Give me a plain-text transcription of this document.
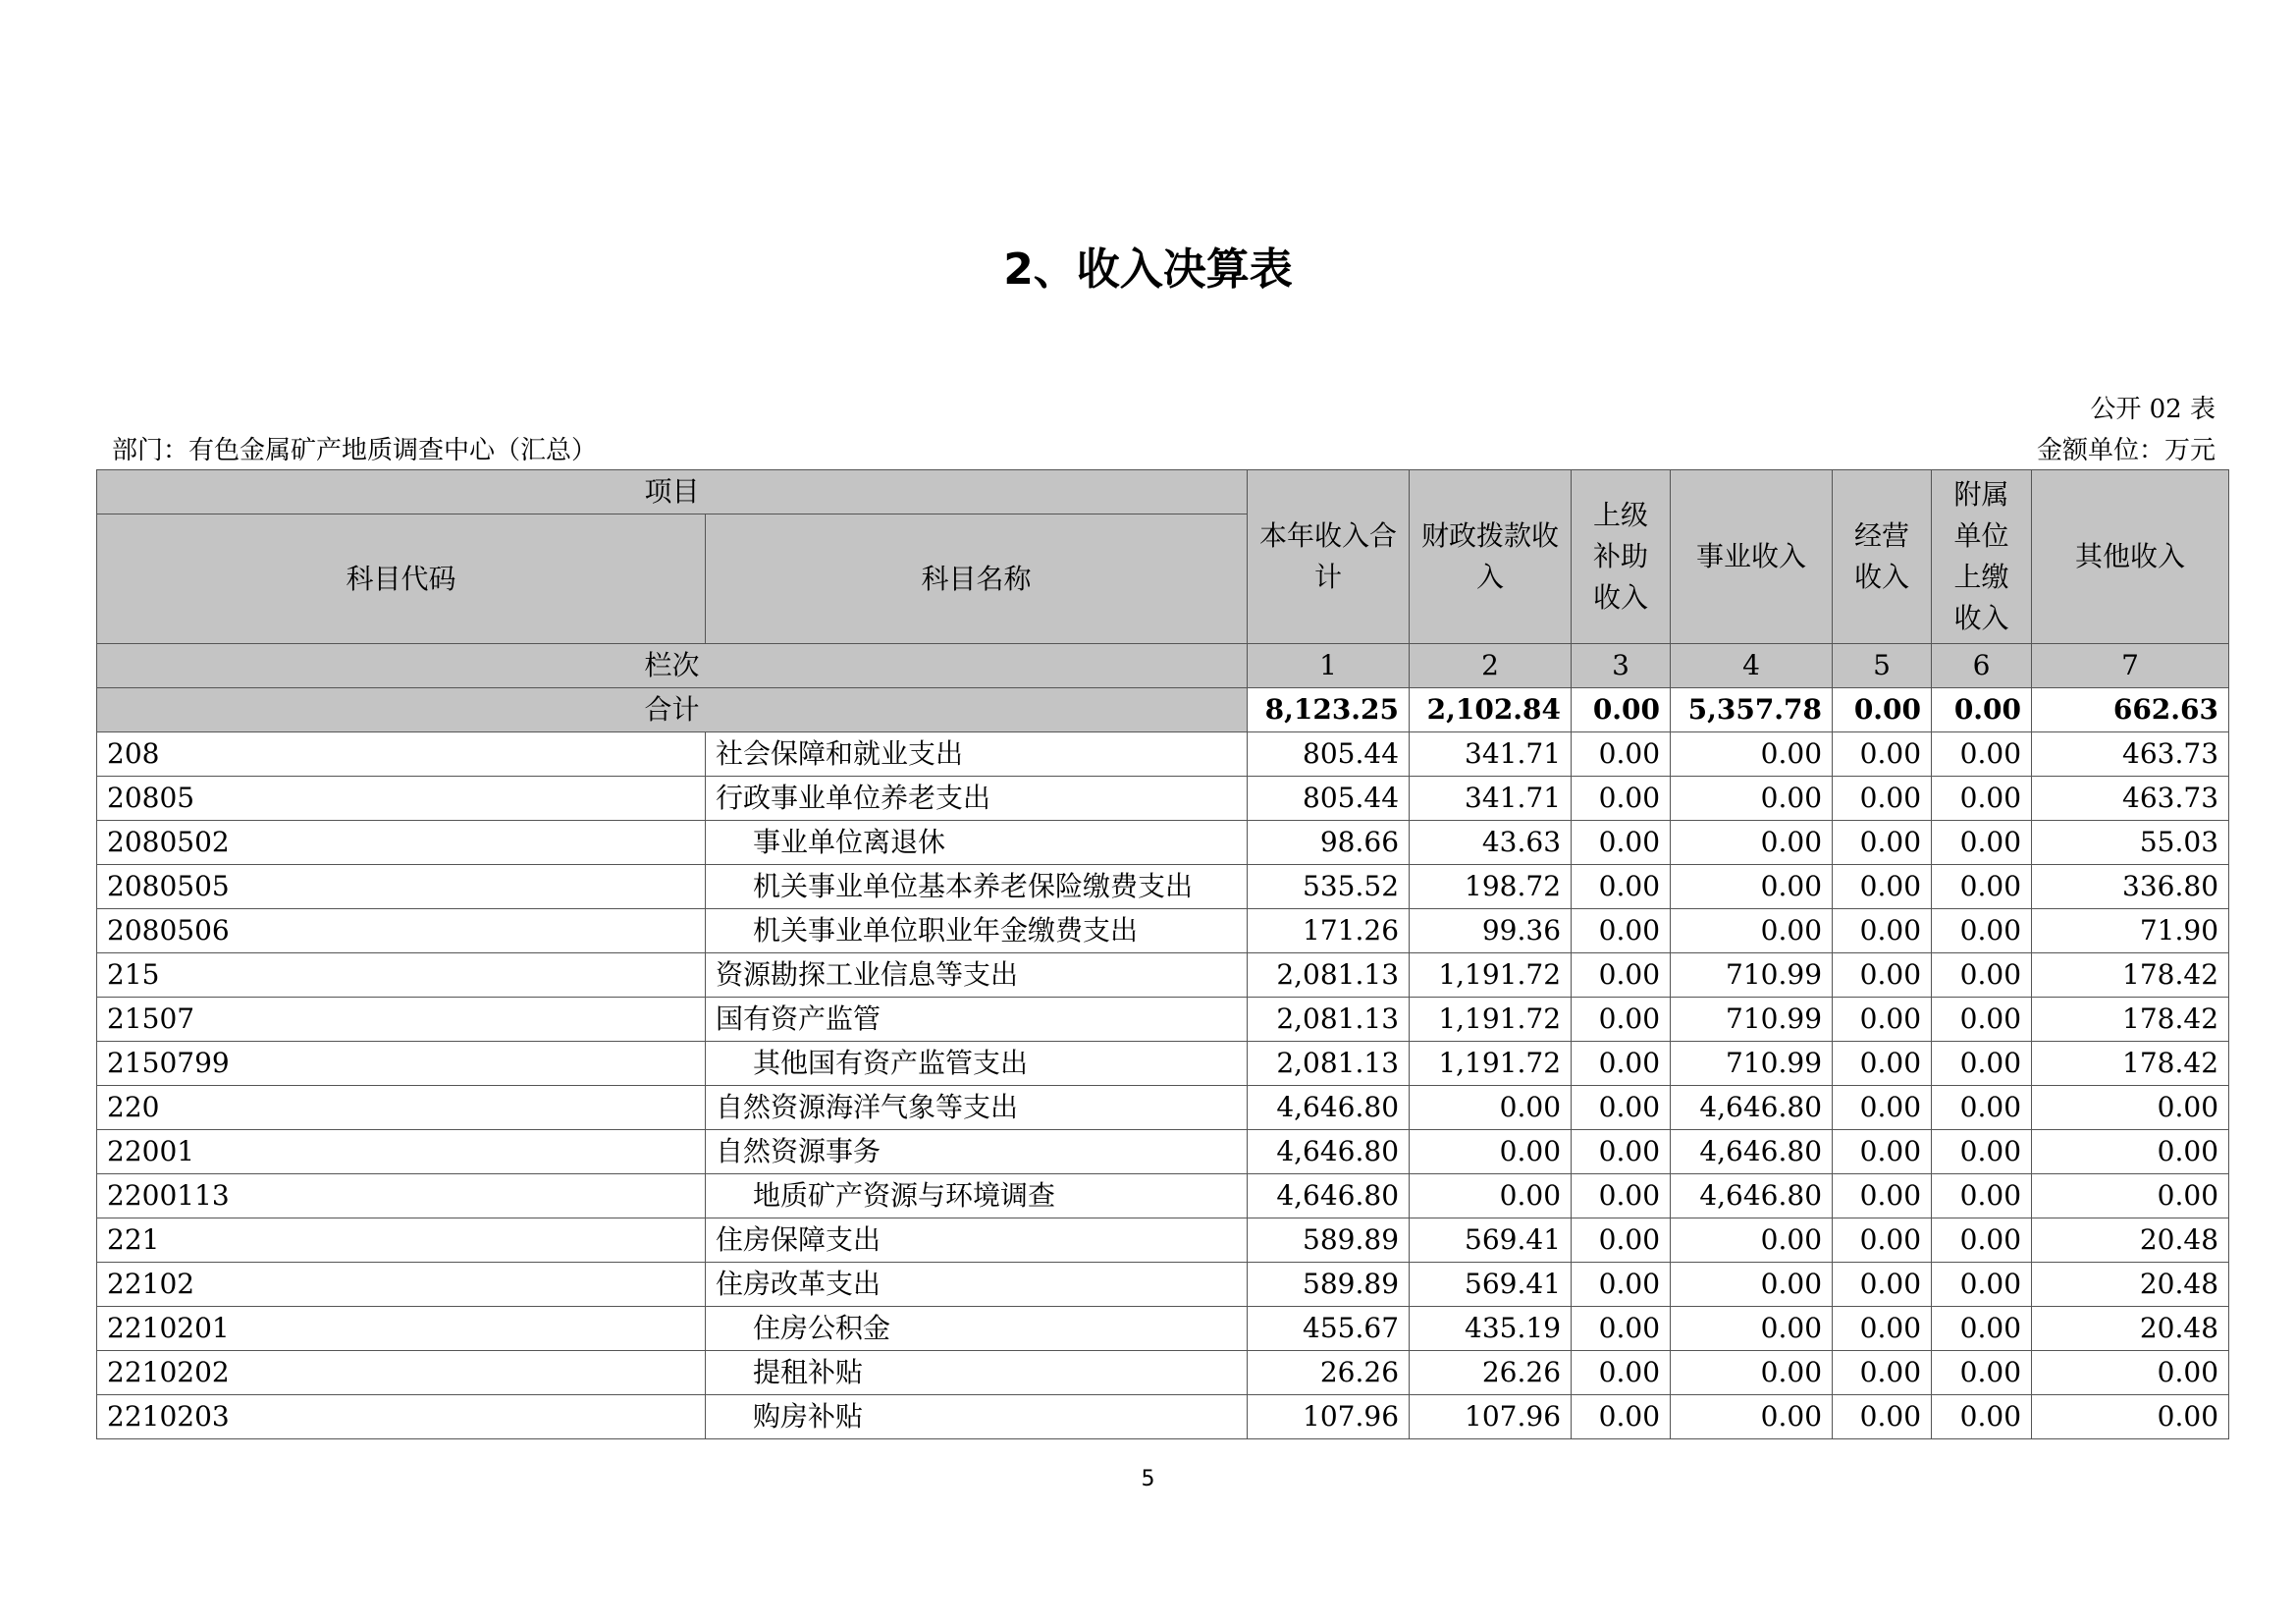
2、收入决算表
公开 02 表
部门：有色金属矿产地质调查中心（汇总）	金额单位：万元
项目		本年收入合计	财政拨款收入	上级补助收入	事业收入	经营收入	附属单位上缴收入	其他收入
科目代码	科目名称							
栏次		1	2	3	4	5	6	7
合计		8,123.25	2,102.84	0.00	5,357.78	0.00	0.00	662.63
208	社会保障和就业支出	805.44	341.71	0.00	0.00	0.00	0.00	463.73
20805	行政事业单位养老支出	805.44	341.71	0.00	0.00	0.00	0.00	463.73
2080502	事业单位离退休	98.66	43.63	0.00	0.00	0.00	0.00	55.03
2080505	机关事业单位基本养老保险缴费支出	535.52	198.72	0.00	0.00	0.00	0.00	336.80
2080506	机关事业单位职业年金缴费支出	171.26	99.36	0.00	0.00	0.00	0.00	71.90
215	资源勘探工业信息等支出	2,081.13	1,191.72	0.00	710.99	0.00	0.00	178.42
21507	国有资产监管	2,081.13	1,191.72	0.00	710.99	0.00	0.00	178.42
2150799	其他国有资产监管支出	2,081.13	1,191.72	0.00	710.99	0.00	0.00	178.42
220	自然资源海洋气象等支出	4,646.80	0.00	0.00	4,646.80	0.00	0.00	0.00
22001	自然资源事务	4,646.80	0.00	0.00	4,646.80	0.00	0.00	0.00
2200113	地质矿产资源与环境调查	4,646.80	0.00	0.00	4,646.80	0.00	0.00	0.00
221	住房保障支出	589.89	569.41	0.00	0.00	0.00	0.00	20.48
22102	住房改革支出	589.89	569.41	0.00	0.00	0.00	0.00	20.48
2210201	住房公积金	455.67	435.19	0.00	0.00	0.00	0.00	20.48
2210202	提租补贴	26.26	26.26	0.00	0.00	0.00	0.00	0.00
2210203	购房补贴	107.96	107.96	0.00	0.00	0.00	0.00	0.00
5
